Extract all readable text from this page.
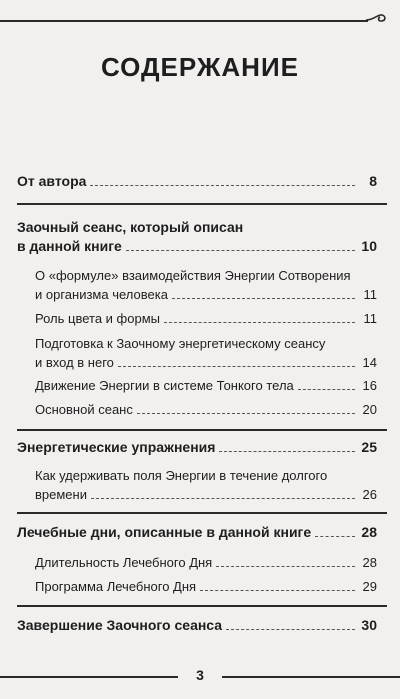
СОДЕРЖАНИЕ
От автора	8
Заочный сеанс, который описан
в данной книге	10
О «формуле» взаимодействия Энергии Сотворения
и организма человека	11
Роль цвета и формы	11
Подготовка к Заочному энергетическому сеансу
и вход в него	14
Движение Энергии в системе Тонкого тела	16
Основной сеанс	20
Энергетические упражнения	25
Как удерживать поля Энергии в течение долгого
времени	26
Лечебные дни, описанные в данной книге	28
Длительность Лечебного Дня	28
Программа Лечебного Дня	29
Завершение Заочного сеанса	30
3
